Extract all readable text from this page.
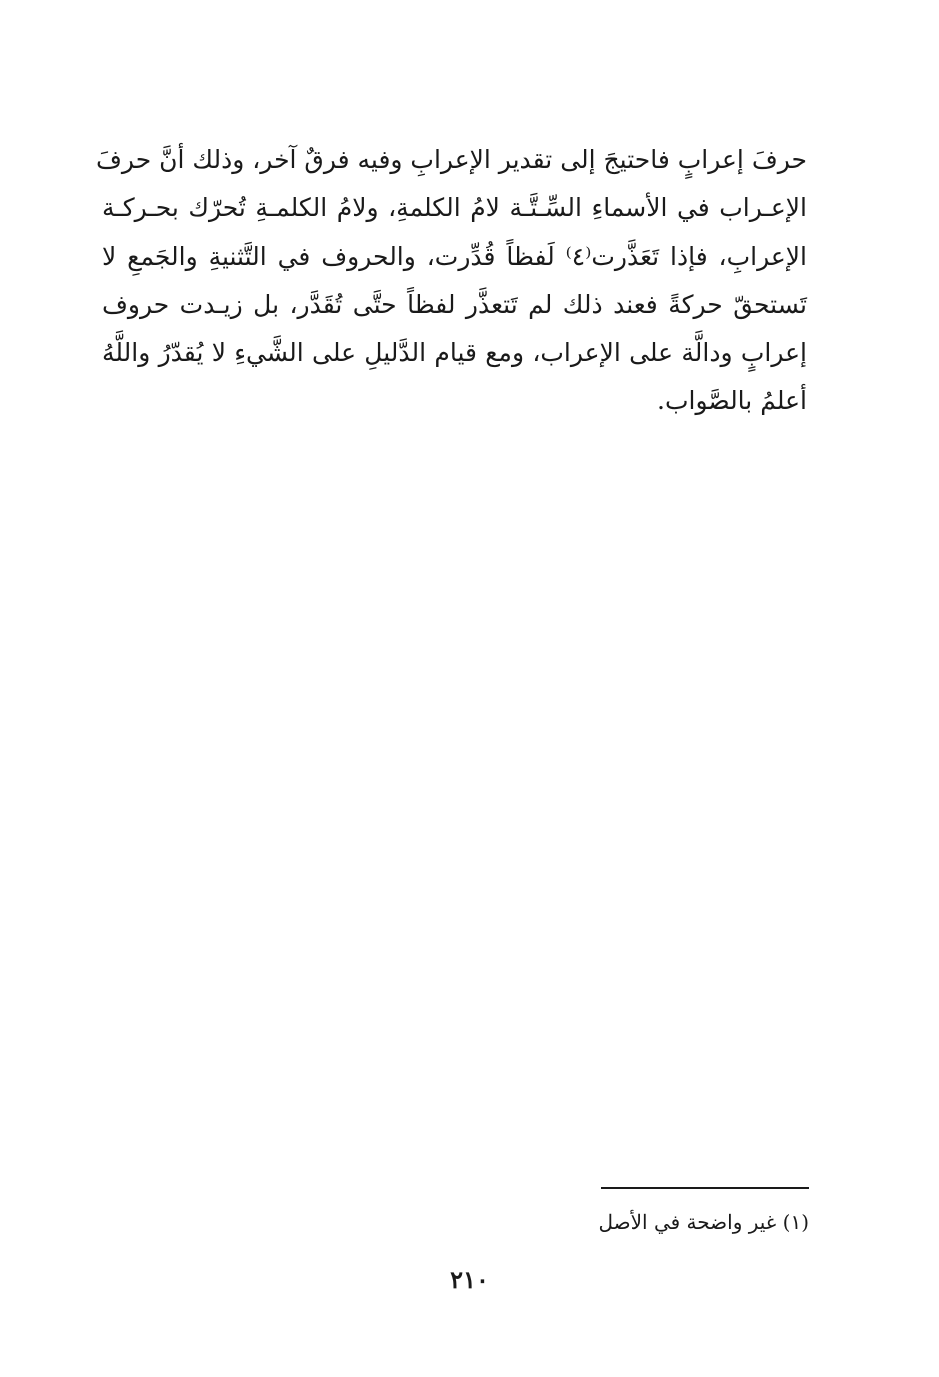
حرفَ إعرابٍ فاحتيجَ إلى تقدير الإعرابِ وفيه فرقٌ آخر، وذلك أنَّ حرفَ
الإعـراب في الأسماءِ السِّـتَّـة لامُ الكلمةِ، ولامُ الكلمـةِ تُحرّك بحـركـة
الإعرابِ، فإذا تَعَذَّرت⁽٤⁾ لَفظاً قُدِّرت، والحروف في التَّثنيةِ والجَمعِ لا
تَستحقّ حركةً فعند ذلك لم تَتعذَّر لفظاً حتَّى تُقَدَّر، بل زيـدت حروف
إعرابٍ ودالَّة على الإعراب، ومع قيام الدَّليلِ على الشَّيءِ لا يُقدّرُ واللَّهُ
أعلمُ بالصَّواب.
(١) غير واضحة في الأصل
٢١٠
